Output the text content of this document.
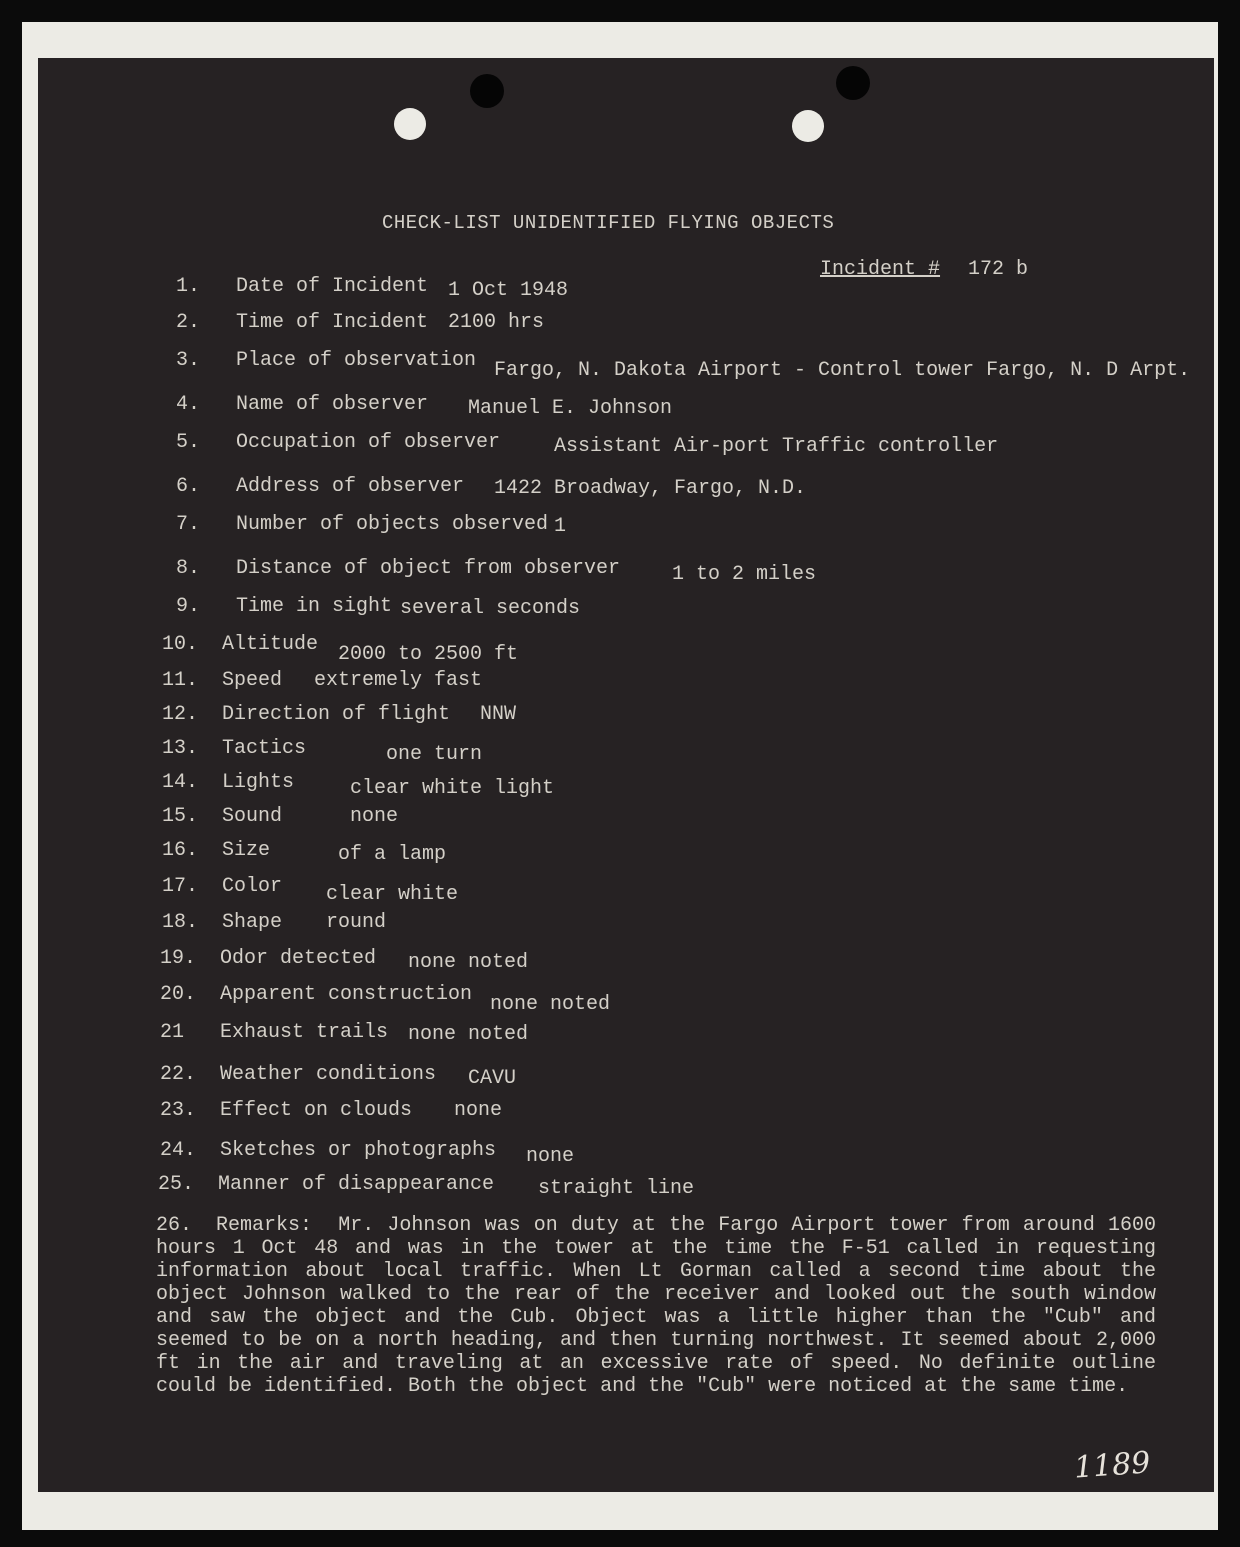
CHECK-LIST UNIDENTIFIED FLYING OBJECTS
Incident # 172 b
1.	Date of Incident 1 Oct 1948
2.	Time of Incident 2100 hrs
3.	Place of observation Fargo, N. Dakota Airport - Control tower Fargo, N. D Arpt.
4.	Name of observer Manuel E. Johnson
5.	Occupation of observer	Assistant Air-port Traffic controller
6.	Address of observer 1422 Broadway, Fargo, N.D.
7.	Number of objects observed 1
8.	Distance of object from observer	1 to 2 miles
9.	Time in sight several seconds
10.	Altitude 2000 to 2500 ft
11.	Speed extremely fast
12.	Direction of flight NNW
13.	Tactics	one turn
14.	Lights	clear white light
15.	Sound	none
16.	Size	of a lamp
17.	Color clear white
18.	Shape round
19.	Odor detected none noted
20.	Apparent construction none noted
21	Exhaust trails none noted
22.	Weather conditions CAVU
23.	Effect on clouds none
24.	Sketches or photographs none
25.	Manner of disappearance straight line
26. Remarks: Mr. Johnson was on duty at the Fargo Airport tower from around 1600 hours 1 Oct 48 and was in the tower at the time the F-51 called in requesting information about local traffic. When Lt Gorman called a second time about the object Johnson walked to the rear of the receiver and looked out the south window and saw the object and the Cub. Object was a little higher than the "Cub" and seemed to be on a north heading, and then turning northwest. It seemed about 2,000 ft in the air and traveling at an excessive rate of speed. No definite outline could be identified. Both the object and the "Cub" were noticed at the same time.
1189
